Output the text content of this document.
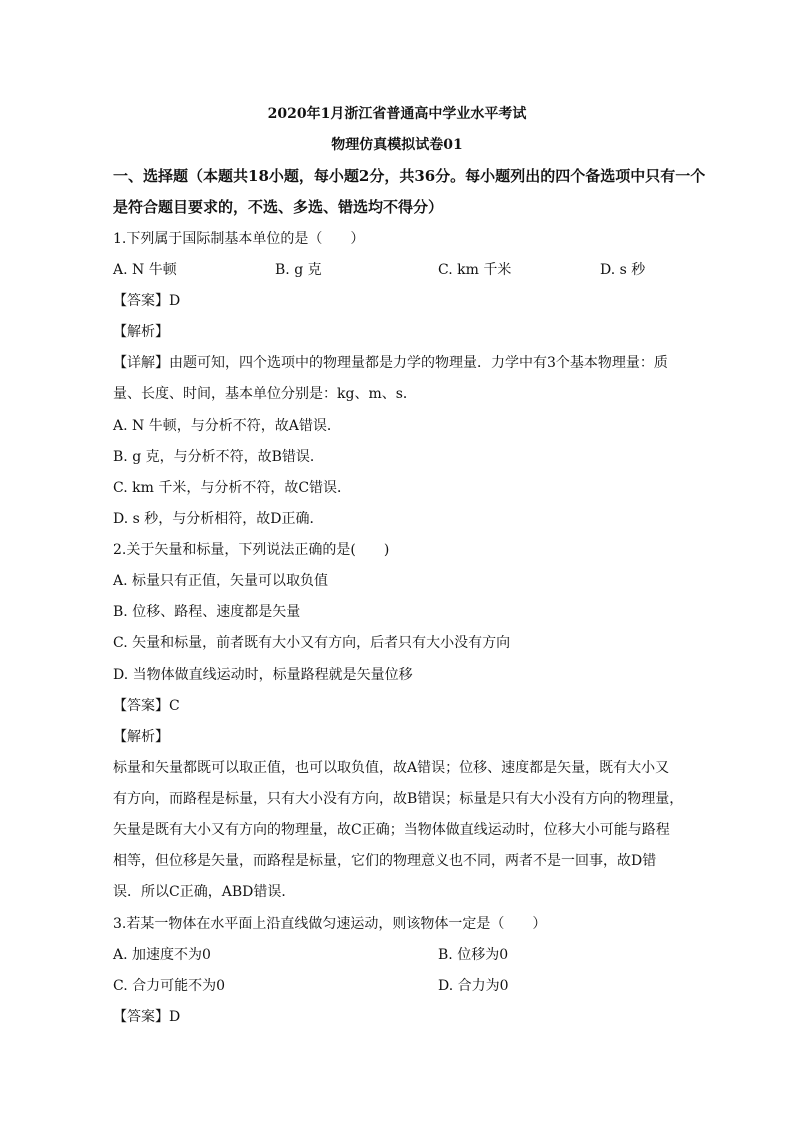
2020年1月浙江省普通高中学业水平考试
物理仿真模拟试卷01
一、选择题（本题共18小题，每小题2分，共36分。每小题列出的四个备选项中只有一个
是符合题目要求的，不选、多选、错选均不得分）
1.下列属于国际制基本单位的是（　　）
A. N 牛顿	B. g 克	C. km 千米	D. s 秒
【答案】D
【解析】
【详解】由题可知，四个选项中的物理量都是力学的物理量．力学中有3个基本物理量：质
量、长度、时间，基本单位分别是：kg、m、s．
A. N 牛顿，与分析不符，故A错误．
B. g 克，与分析不符，故B错误．
C. km 千米，与分析不符，故C错误．
D. s 秒，与分析相符，故D正确．
2.关于矢量和标量，下列说法正确的是(　　)
A. 标量只有正值，矢量可以取负值
B. 位移、路程、速度都是矢量
C. 矢量和标量，前者既有大小又有方向，后者只有大小没有方向
D. 当物体做直线运动时，标量路程就是矢量位移
【答案】C
【解析】
标量和矢量都既可以取正值，也可以取负值，故A错误；位移、速度都是矢量，既有大小又
有方向，而路程是标量，只有大小没有方向，故B错误；标量是只有大小没有方向的物理量，
矢量是既有大小又有方向的物理量，故C正确；当物体做直线运动时，位移大小可能与路程
相等，但位移是矢量，而路程是标量，它们的物理意义也不同，两者不是一回事，故D错
误．所以C正确，ABD错误．
3.若某一物体在水平面上沿直线做匀速运动，则该物体一定是（　　）
A. 加速度不为0	B. 位移为0
C. 合力可能不为0	D. 合力为0
【答案】D
